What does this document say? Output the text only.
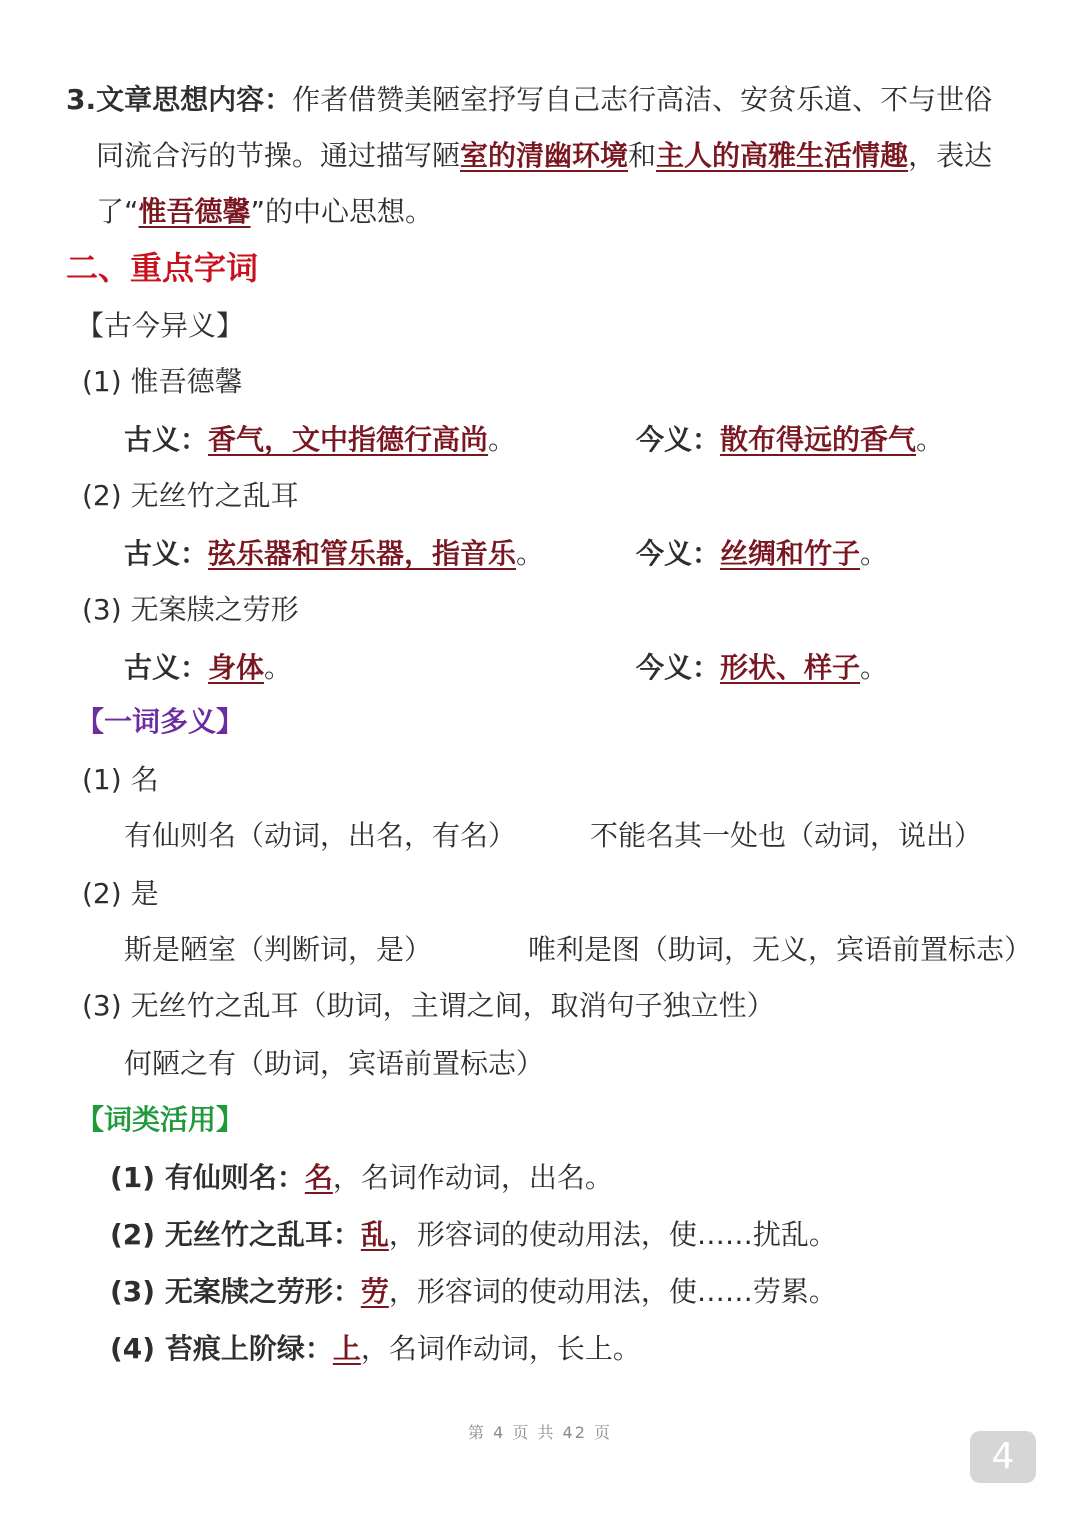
3.文章思想内容：作者借赞美陋室抒写自己志行高洁、安贫乐道、不与世俗
同流合污的节操。通过描写陋室的清幽环境和主人的高雅生活情趣，表达
了“惟吾德馨”的中心思想。
二、重点字词
【古今异义】
(1) 惟吾德馨
古义：香气，文中指德行高尚。	今义：散布得远的香气。
(2) 无丝竹之乱耳
古义：弦乐器和管乐器，指音乐。	今义：丝绸和竹子。
(3) 无案牍之劳形
古义：身体。	今义：形状、样子。
【一词多义】
(1) 名
有仙则名（动词，出名，有名）	不能名其一处也（动词，说出）
(2) 是
斯是陋室（判断词，是）	唯利是图（助词，无义，宾语前置标志）
(3) 无丝竹之乱耳（助词，主谓之间，取消句子独立性）
何陋之有（助词，宾语前置标志）
【词类活用】
(1) 有仙则名：名，名词作动词，出名。
(2) 无丝竹之乱耳：乱，形容词的使动用法，使……扰乱。
(3) 无案牍之劳形：劳，形容词的使动用法，使……劳累。
(4) 苔痕上阶绿：上，名词作动词，长上。
第 4 页 共 42 页
4
